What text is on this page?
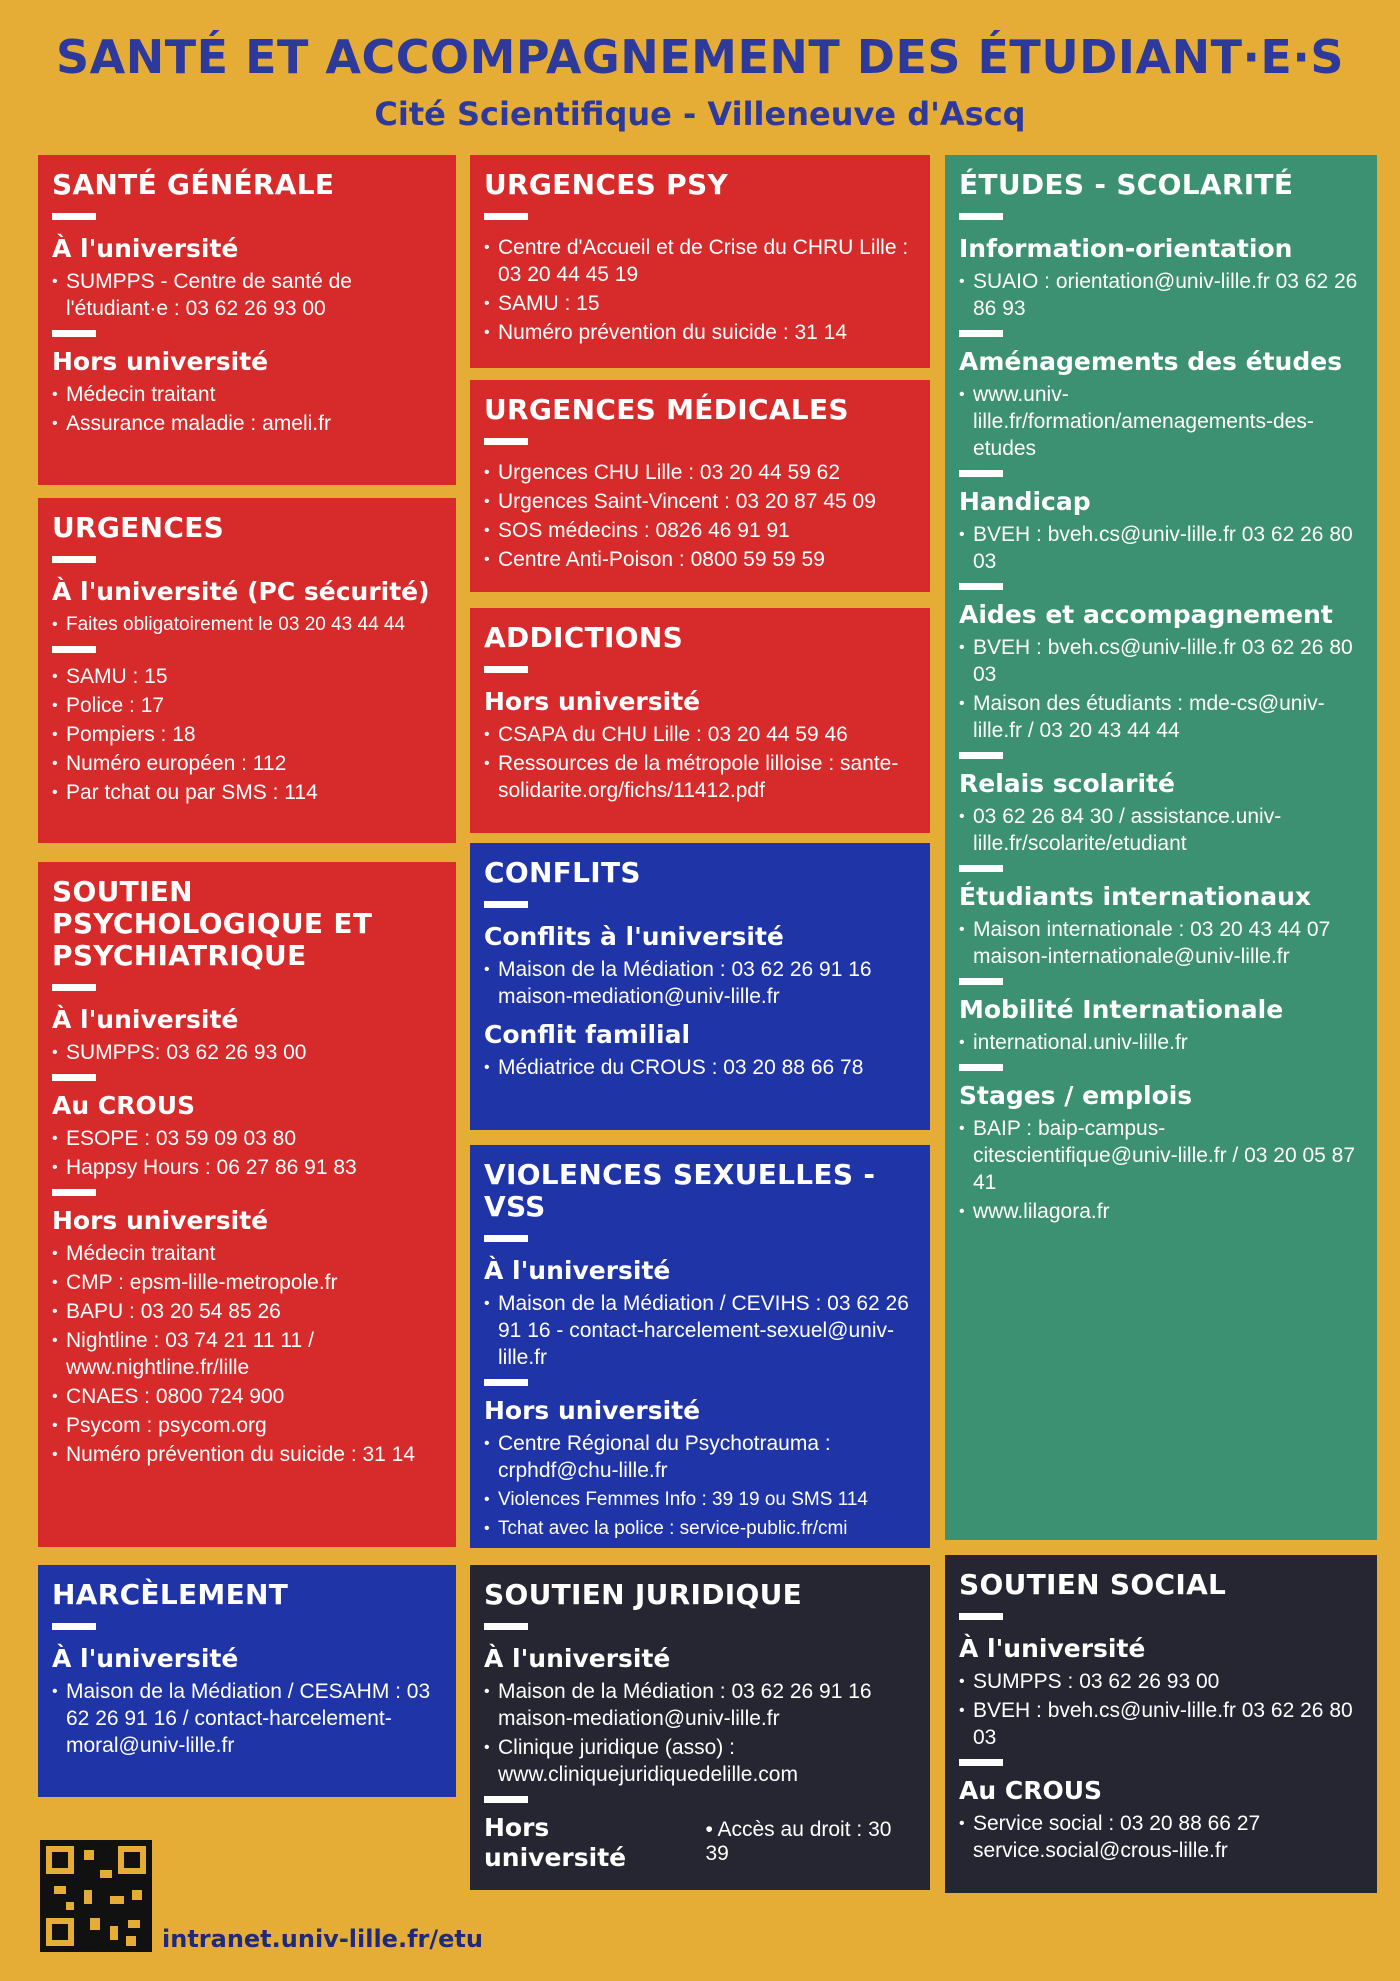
SANTÉ ET ACCOMPAGNEMENT DES ÉTUDIANT·E·S
Cité Scientifique - Villeneuve d'Ascq
SANTÉ GÉNÉRALE
À l'université
• SUMPPS - Centre de santé de l'étudiant·e : 03 62 26 93 00
Hors université
• Médecin traitant
• Assurance maladie : ameli.fr
URGENCES
À l'université (PC sécurité)
• Faites obligatoirement le 03 20 43 44 44
• SAMU : 15
• Police : 17
• Pompiers : 18
• Numéro européen : 112
• Par tchat ou par SMS : 114
SOUTIEN PSYCHOLOGIQUE ET PSYCHIATRIQUE
À l'université
• SUMPPS: 03 62 26 93 00
Au CROUS
• ESOPE : 03 59 09 03 80
• Happsy Hours : 06 27 86 91 83
Hors université
• Médecin traitant
• CMP : epsm-lille-metropole.fr
• BAPU : 03 20 54 85 26
• Nightline : 03 74 21 11 11 / www.nightline.fr/lille
• CNAES : 0800 724 900
• Psycom : psycom.org
• Numéro prévention du suicide : 31 14
HARCÈLEMENT
À l'université
• Maison de la Médiation / CESAHM : 03 62 26 91 16 / contact-harcelement-moral@univ-lille.fr
URGENCES PSY
• Centre d'Accueil et de Crise du CHRU Lille : 03 20 44 45 19
• SAMU : 15
• Numéro prévention du suicide : 31 14
URGENCES MÉDICALES
• Urgences CHU Lille : 03 20 44 59 62
• Urgences Saint-Vincent : 03 20 87 45 09
• SOS médecins : 0826 46 91 91
• Centre Anti-Poison : 0800 59 59 59
ADDICTIONS
Hors université
• CSAPA du CHU Lille : 03 20 44 59 46
• Ressources de la métropole lilloise : sante-solidarite.org/fichs/11412.pdf
CONFLITS
Conflits à l'université
• Maison de la Médiation : 03 62 26 91 16 maison-mediation@univ-lille.fr
Conflit familial
• Médiatrice du CROUS : 03 20 88 66 78
VIOLENCES SEXUELLES - VSS
À l'université
• Maison de la Médiation / CEVIHS : 03 62 26 91 16 - contact-harcelement-sexuel@univ-lille.fr
Hors université
• Centre Régional du Psychotrauma : crphdf@chu-lille.fr
• Violences Femmes Info : 39 19 ou SMS 114
• Tchat avec la police : service-public.fr/cmi
SOUTIEN JURIDIQUE
À l'université
• Maison de la Médiation : 03 62 26 91 16 maison-mediation@univ-lille.fr
• Clinique juridique (asso) : www.cliniquejuridiquedelille.com
Hors université
• Accès au droit : 30 39
ÉTUDES - SCOLARITÉ
Information-orientation
• SUAIO : orientation@univ-lille.fr 03 62 26 86 93
Aménagements des études
• www.univ-lille.fr/formation/amenagements-des-etudes
Handicap
• BVEH : bveh.cs@univ-lille.fr 03 62 26 80 03
Aides et accompagnement
• BVEH : bveh.cs@univ-lille.fr 03 62 26 80 03
• Maison des étudiants : mde-cs@univ-lille.fr / 03 20 43 44 44
Relais scolarité
• 03 62 26 84 30 / assistance.univ-lille.fr/scolarite/etudiant
Étudiants internationaux
• Maison internationale : 03 20 43 44 07 maison-internationale@univ-lille.fr
Mobilité Internationale
• international.univ-lille.fr
Stages / emplois
• BAIP : baip-campus-citescientifique@univ-lille.fr / 03 20 05 87 41
• www.lilagora.fr
SOUTIEN SOCIAL
À l'université
• SUMPPS : 03 62 26 93 00
• BVEH : bveh.cs@univ-lille.fr 03 62 26 80 03
Au CROUS
• Service social : 03 20 88 66 27 service.social@crous-lille.fr
intranet.univ-lille.fr/etu
